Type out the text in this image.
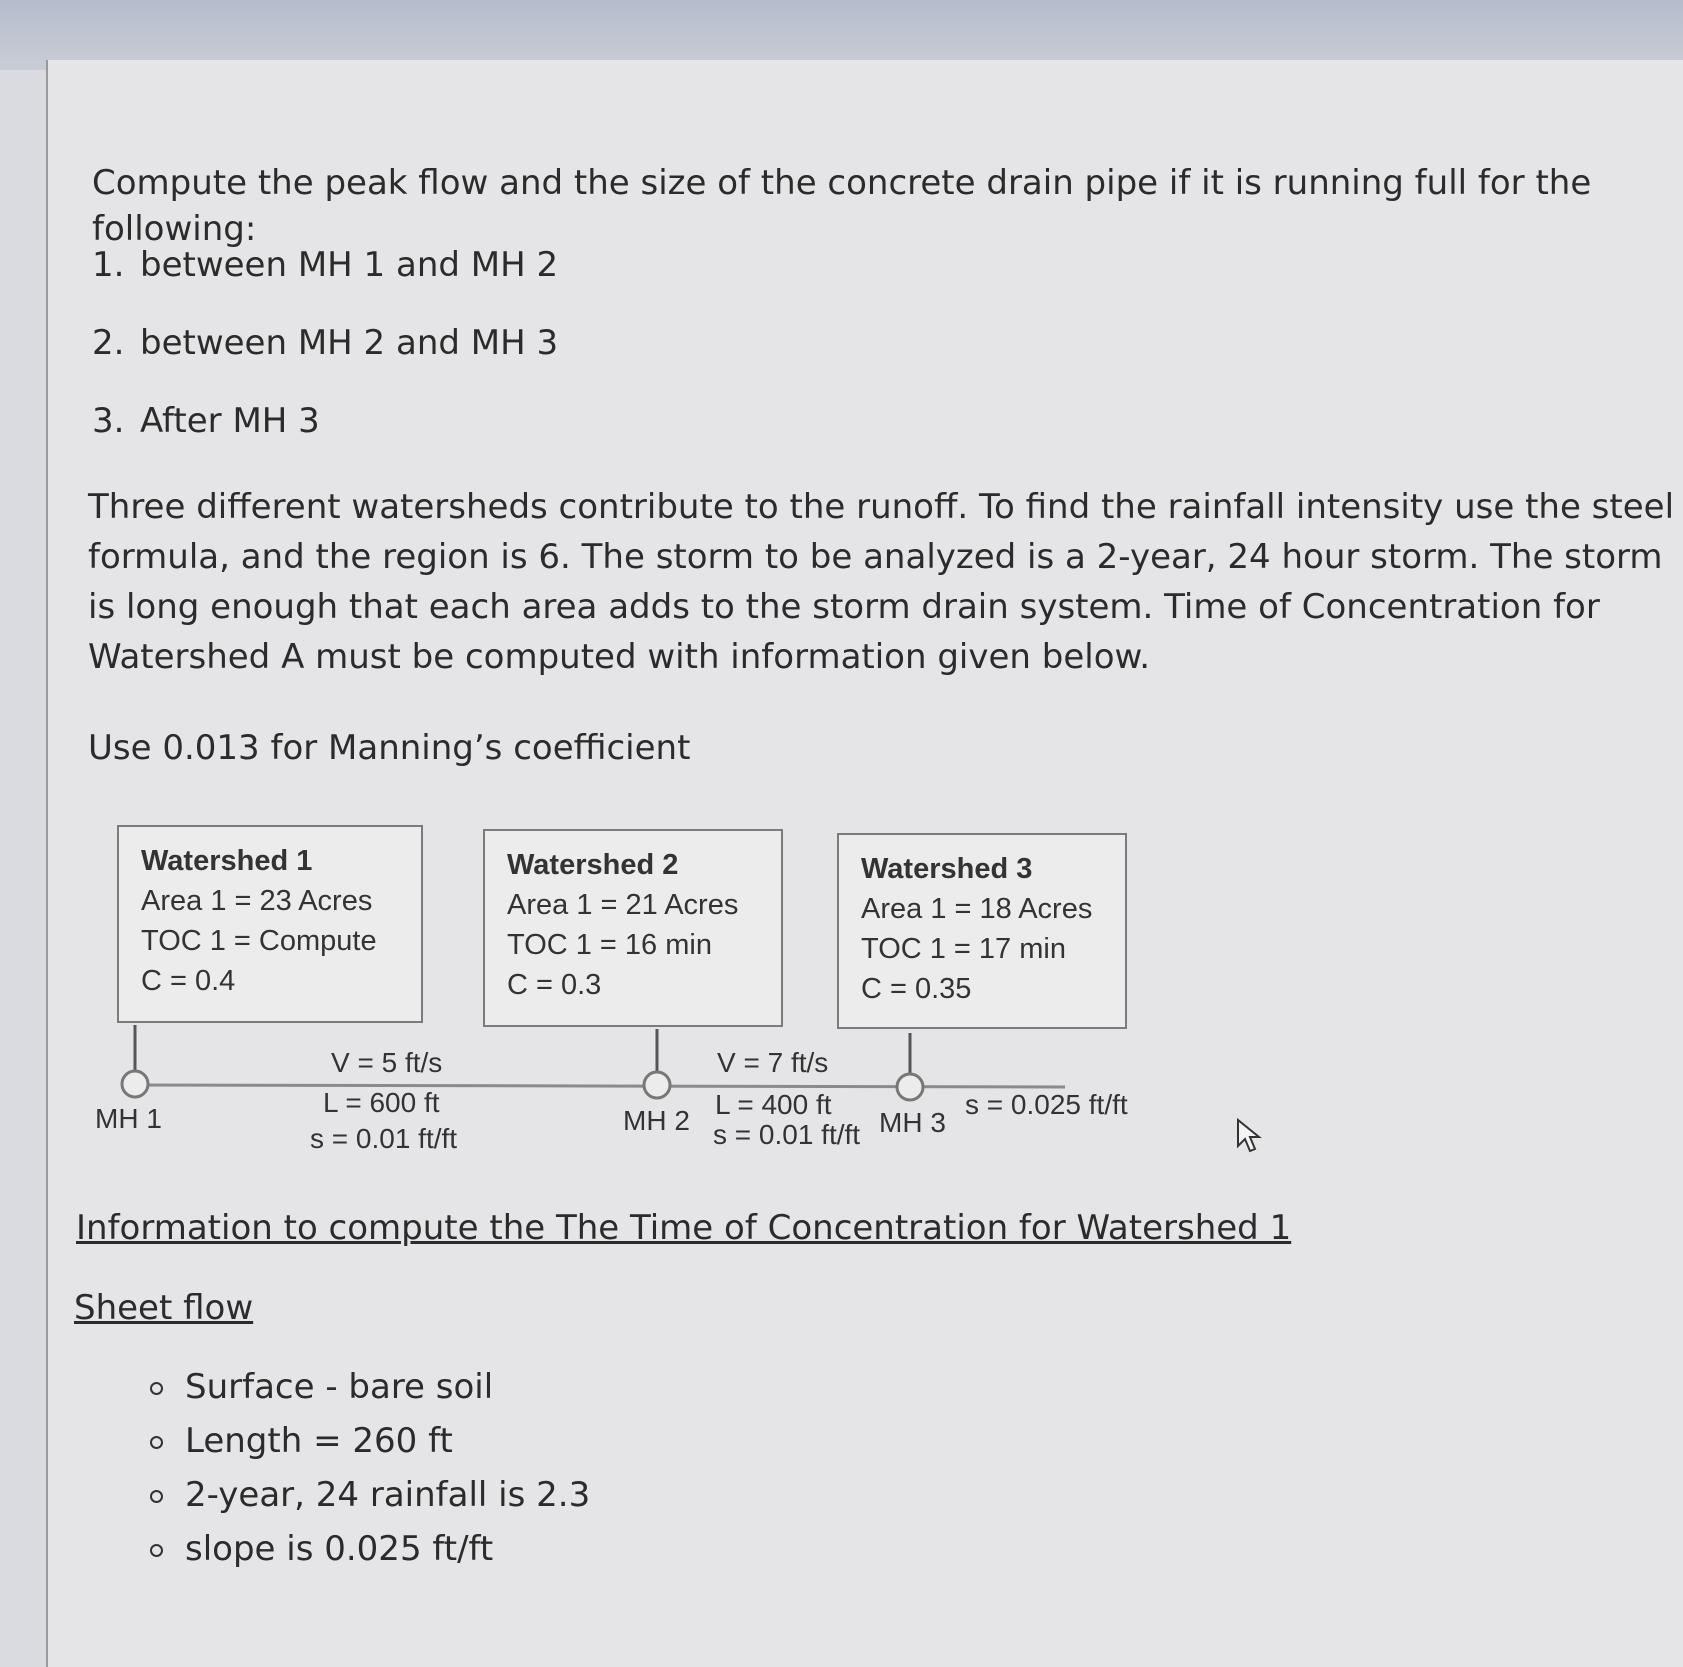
Compute the peak flow and the size of the concrete drain pipe if it is running full for the following:

1. between MH 1 and MH 2
2. between MH 2 and MH 3
3. After MH 3

Three different watersheds contribute to the runoff. To find the rainfall intensity use the steel formula, and the region is 6. The storm to be analyzed is a 2-year, 24 hour storm. The storm is long enough that each area adds to the storm drain system. Time of Concentration for Watershed A must be computed with information given below.

Use 0.013 for Manning’s coefficient

Watershed 1
Area 1 = 23 Acres
TOC 1 = Compute
C = 0.4
Watershed 2
Area 1 = 21 Acres
TOC 1 = 16 min
C = 0.3
Watershed 3
Area 1 = 18 Acres
TOC 1 = 17 min
C = 0.35
MH 1
V = 5 ft/s
L = 600 ft
s = 0.01 ft/ft
MH 2
V = 7 ft/s
L = 400 ft
s = 0.01 ft/ft MH 3
s = 0.025 ft/ft

Information to compute the The Time of Concentration for Watershed 1

Sheet flow

Surface - bare soil
Length = 260 ft
2-year, 24 rainfall is 2.3
slope is 0.025 ft/ft
